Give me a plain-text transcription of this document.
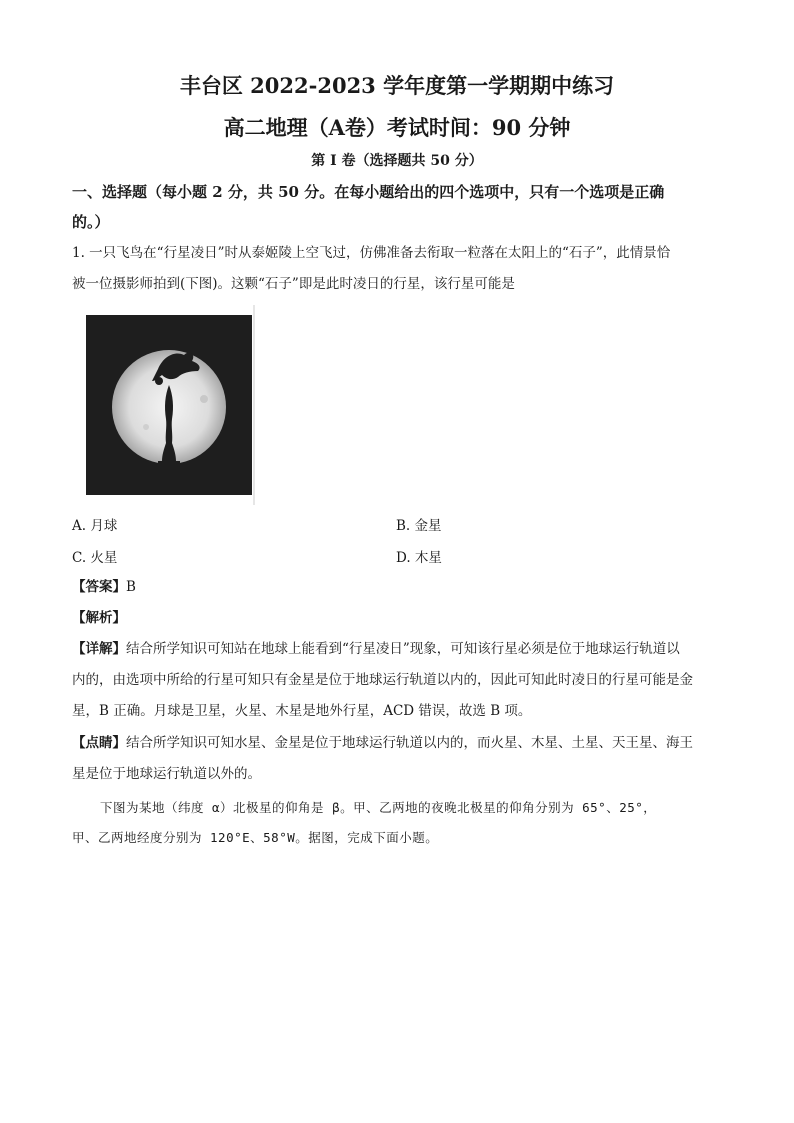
丰台区 2022-2023 学年度第一学期期中练习
高二地理（A卷）考试时间：90 分钟
第 I 卷（选择题共 50 分）
一、选择题（每小题 2 分，共 50 分。在每小题给出的四个选项中，只有一个选项是正确
的。）
1. 一只飞鸟在“行星凌日”时从泰姬陵上空飞过，仿佛准备去衔取一粒落在太阳上的“石子”，此情景恰
被一位摄影师拍到(下图)。这颗“石子”即是此时凌日的行星，该行星可能是
A. 月球	B. 金星
C. 火星	D. 木星
【答案】B
【解析】
【详解】结合所学知识可知站在地球上能看到“行星凌日”现象，可知该行星必须是位于地球运行轨道以
内的，由选项中所给的行星可知只有金星是位于地球运行轨道以内的，因此可知此时凌日的行星可能是金
星，B 正确。月球是卫星，火星、木星是地外行星，ACD 错误，故选 B 项。
【点睛】结合所学知识可知水星、金星是位于地球运行轨道以内的，而火星、木星、土星、天王星、海王
星是位于地球运行轨道以外的。
下图为某地（纬度 α）北极星的仰角是 β。甲、乙两地的夜晚北极星的仰角分别为 65°、25°，
甲、乙两地经度分别为 120°E、58°W。据图，完成下面小题。
